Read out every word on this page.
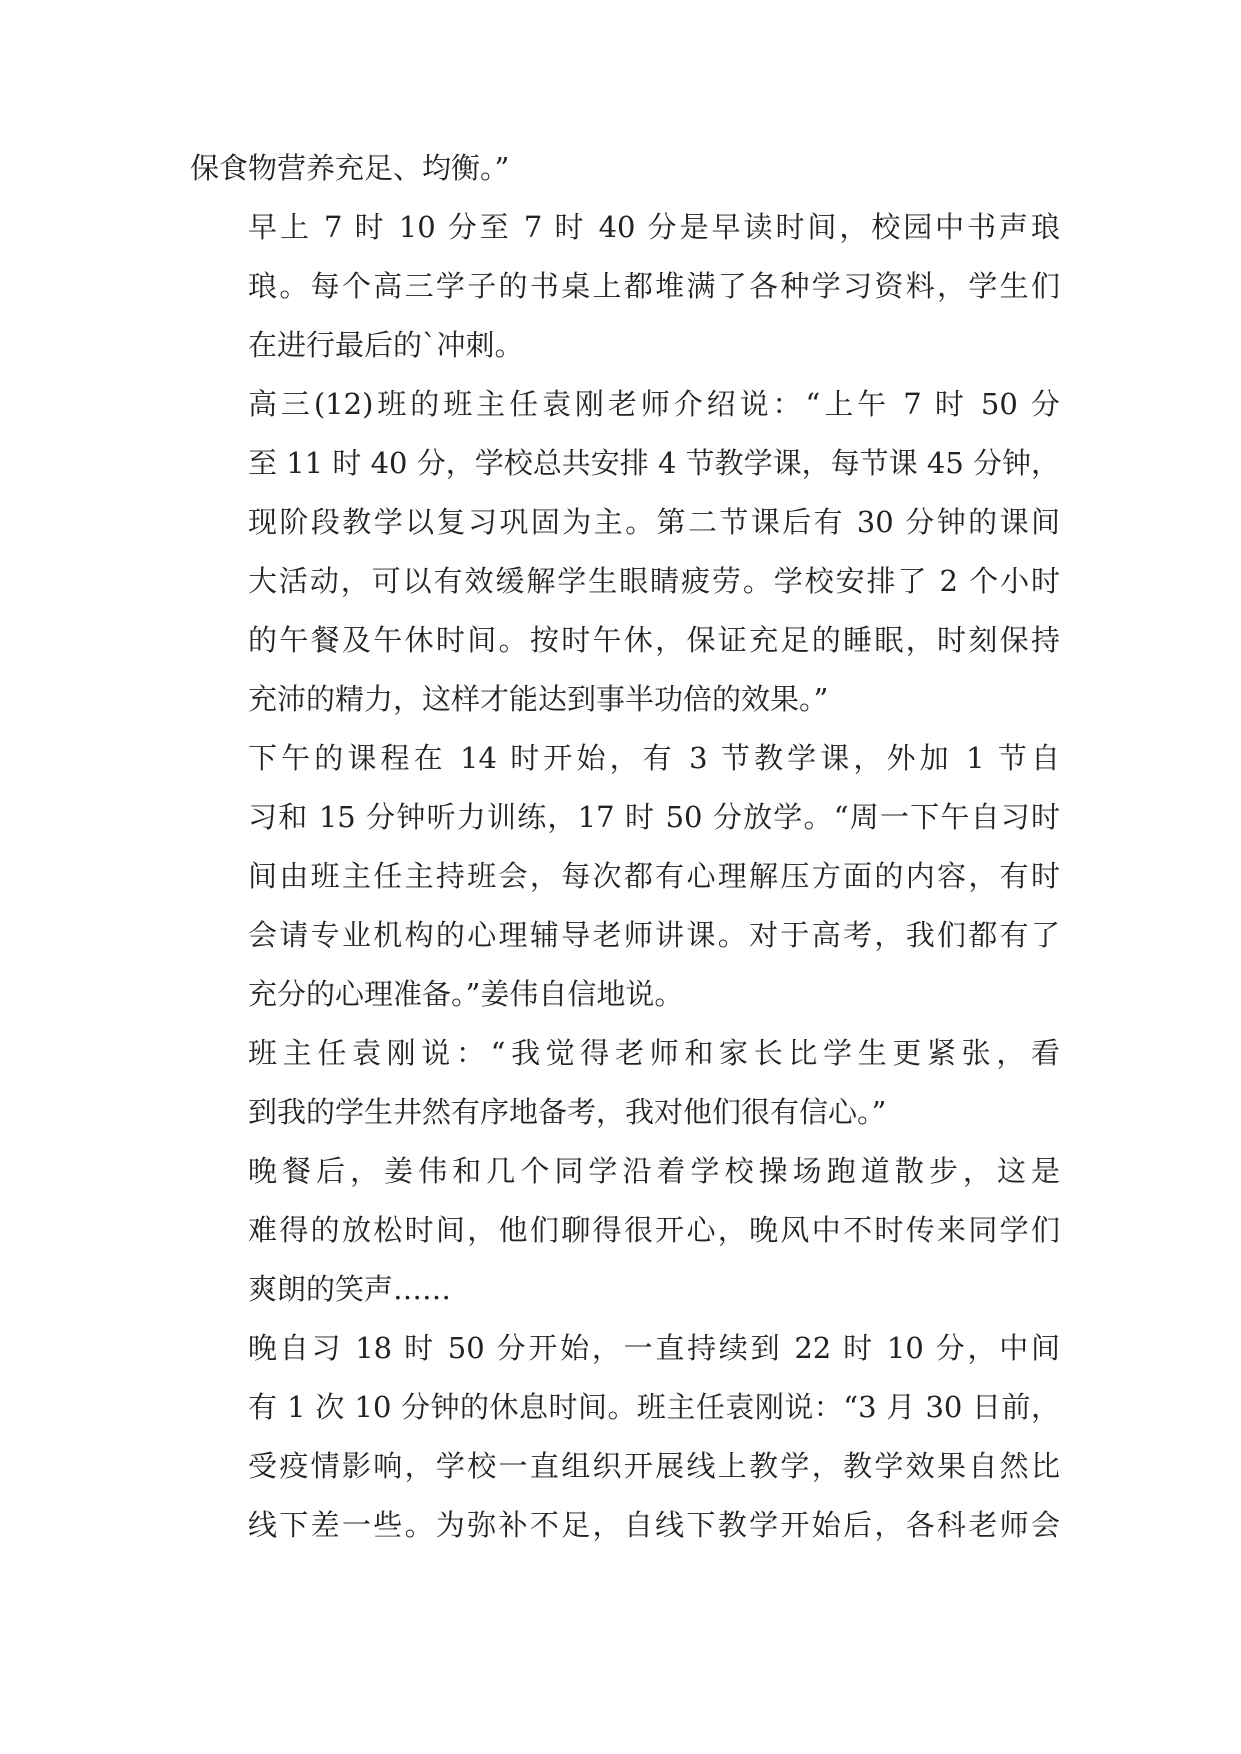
保食物营养充足、均衡。”
早上 7 时 10 分至 7 时 40 分是早读时间，校园中书声琅
琅。每个高三学子的书桌上都堆满了各种学习资料，学生们
在进行最后的`冲刺。
高三(12)班的班主任袁刚老师介绍说：“上午 7 时 50 分
至 11 时 40 分，学校总共安排 4 节教学课，每节课 45 分钟，
现阶段教学以复习巩固为主。第二节课后有 30 分钟的课间
大活动，可以有效缓解学生眼睛疲劳。学校安排了 2 个小时
的午餐及午休时间。按时午休，保证充足的睡眠，时刻保持
充沛的精力，这样才能达到事半功倍的效果。”
下午的课程在 14 时开始，有 3 节教学课，外加 1 节自
习和 15 分钟听力训练，17 时 50 分放学。“周一下午自习时
间由班主任主持班会，每次都有心理解压方面的内容，有时
会请专业机构的心理辅导老师讲课。对于高考，我们都有了
充分的心理准备。”姜伟自信地说。
班主任袁刚说：“我觉得老师和家长比学生更紧张，看
到我的学生井然有序地备考，我对他们很有信心。”
晚餐后，姜伟和几个同学沿着学校操场跑道散步，这是
难得的放松时间，他们聊得很开心，晚风中不时传来同学们
爽朗的笑声……
晚自习 18 时 50 分开始，一直持续到 22 时 10 分，中间
有 1 次 10 分钟的休息时间。班主任袁刚说：“3 月 30 日前，
受疫情影响，学校一直组织开展线上教学，教学效果自然比
线下差一些。为弥补不足，自线下教学开始后，各科老师会
